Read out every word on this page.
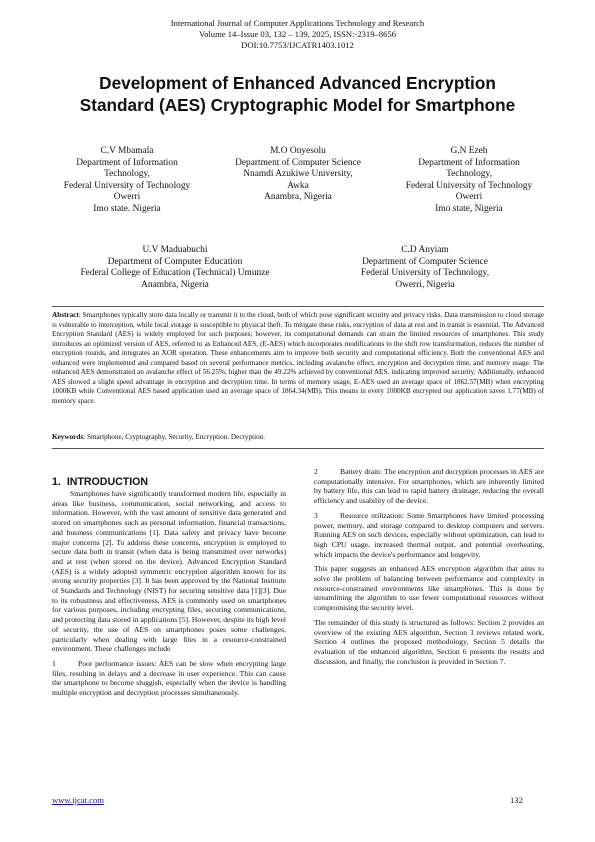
International Journal of Computer Applications Technology and Research
Volume 14–Issue 03, 132 – 139, 2025, ISSN:-2319–8656
DOI:10.7753/IJCATR1403.1012
Development of Enhanced Advanced Encryption
Standard (AES) Cryptographic Model for Smartphone
C.V Mbamala
Department of Information
Technology,
Federal University of Technology
Owerri
Imo state. Nigeria
M.O Onyesolu
Department of Computer Science
Nnamdi Azukiwe University,
Awka
Anambra, Nigeria
G.N Ezeh
Department of Information
Technology,
Federal University of Technology
Owerri
Imo state, Nigeria
U.V Maduabuchi
Department of Computer Education
Federal College of Education (Technical) Umunze
Anambra, Nigeria
C.D Anyiam
Department of Computer Science
Federal University of Technology,
Owerri, Nigeria
Abstract: Smartphones typically store data locally or transmit it to the cloud, both of which pose significant security and privacy risks. Data transmission to cloud storage is vulnerable to interception, while local storage is susceptible to physical theft. To mitigate these risks, encryption of data at rest and in transit is essential. The Advanced Encryption Standard (AES) is widely employed for such purposes; however, its computational demands can strain the limited resources of smartphones. This study introduces an optimized version of AES, referred to as Enhanced AES, (E-AES) which incorporates modifications to the shift row transformation, reduces the number of encryption rounds, and integrates an XOR operation. These enhancements aim to improve both security and computational efficiency. Both the conventional AES and enhanced were implemented and compared based on several performance metrics, including avalanche effect, encryption and decryption time, and memory usage. The enhanced AES demonstrated an avalanche effect of 56.25%, higher than the 49.22% achieved by conventional AES, indicating improved security. Additionally, enhanced AES showed a slight speed advantage in encryption and decryption time. In terms of memory usage, E-AES used an average space of 1862.57(MB) when encrypting 1000KB while Conventional AES based application used an average space of 1864.34(MB). This means in every 1000KB encrypted our application saves 1.77(MB) of memory space.
Keywords: Smartphone, Cryptography, Security, Encryption. Decryption.
1. INTRODUCTION

Smartphones have significantly transformed modern life, especially in areas like business, communication, social networking, and access to information. However, with the vast amount of sensitive data generated and stored on smartphones such as personal information, financial transactions, and business communications [1]. Data safety and privacy have become major concerns [2]. To address these concerns, encryption is employed to secure data both in transit (when data is being transmitted over networks) and at rest (when stored on the device). Advanced Encryption Standard (AES) is a widely adopted symmetric encryption algorithm known for its strong security properties [3]. It has been approved by the National Institute of Standards and Technology (NIST) for securing sensitive data [1][3]. Due to its robustness and effectiveness, AES is commonly used on smartphones for various purposes, including encrypting files, securing communications, and protecting data stored in applications [5]. However, despite its high level of security, the use of AES on smartphones poses some challenges, particularly when dealing with large files in a resource-constrained environment. These challenges include

1	Poor performance issues: AES can be slow when encrypting large files, resulting in delays and a decrease in user experience. This can cause the smartphone to become sluggish, especially when the device is handling multiple encryption and decryption processes simultaneously.

2	Battery drain: The encryption and decryption processes in AES are computationally intensive. For smartphones, which are inherently limited by battery life, this can lead to rapid battery drainage, reducing the overall efficiency and usability of the device.

3	Resource utilization: Some Smartphones have limited processing power, memory, and storage compared to desktop computers and servers. Running AES on such devices, especially without optimization, can lead to high CPU usage, increased thermal output, and potential overheating, which impacts the device's performance and longevity.

This paper suggests an enhanced AES encryption algorithm that aims to solve the problem of balancing between performance and complexity in resource-constrained environments like smartphones. This is done by streamlining the algorithm to use fewer computational resources without compromising the security level.

The remainder of this study is structured as follows: Section 2 provides an overview of the existing AES algorithm, Section 3 reviews related work, Section 4 outlines the proposed methodology, Section 5 details the evaluation of the enhanced algorithm, Section 6 presents the results and discussion, and finally, the conclusion is provided in Section 7.

www.ijcat.com	132
